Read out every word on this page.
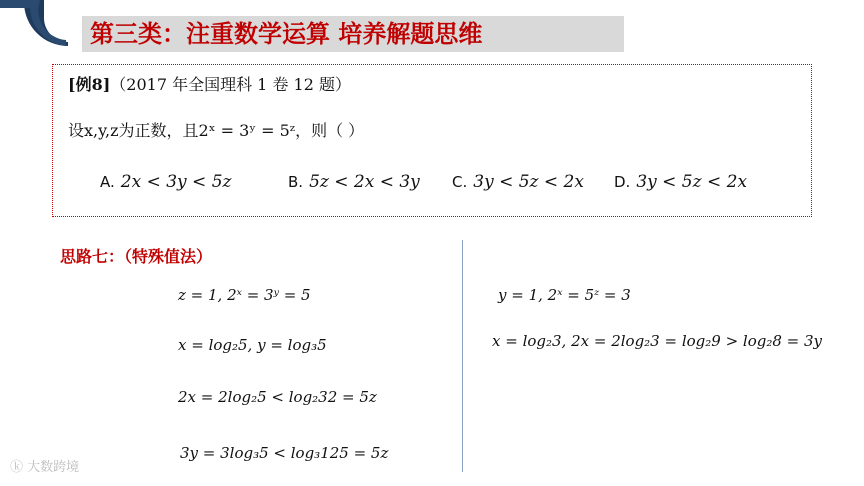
第三类：注重数学运算 培养解题思维
[例8]（2017 年全国理科 1 卷 12 题）
设x,y,z为正数，且2ˣ = 3ʸ = 5ᶻ，则（ ）
A. 2x < 3y < 5z	B. 5z < 2x < 3y C. 3y < 5z < 2x D. 3y < 5z < 2x
思路七：（特殊值法）
z = 1, 2ˣ = 3ʸ = 5
x = log₂5, y = log₃5
2x = 2log₂5 < log₂32 = 5z
3y = 3log₃5 < log₃125 = 5z
y = 1, 2ˣ = 5ᶻ = 3
x = log₂3, 2x = 2log₂3 = log₂9 > log₂8 = 3y
ⓚ 大数跨境
